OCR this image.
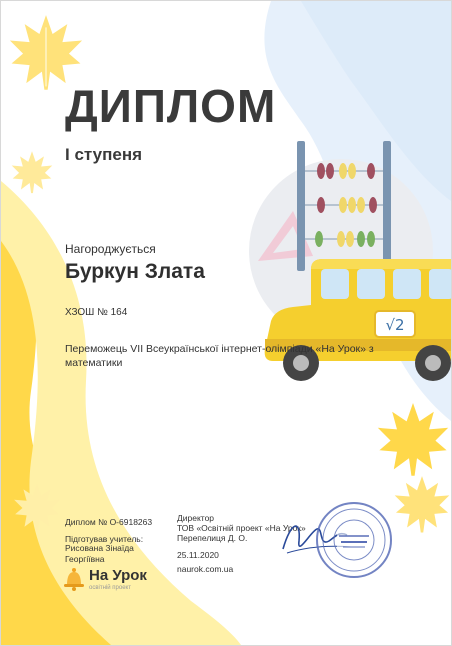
√2
ДИПЛОМ
І ступеня
Нагороджується
Буркун Злата
ХЗОШ № 164
Переможець VII Всеукраїнської інтернет-олімпіади «На Урок» з математики
Диплом № О-6918263
Підготував учитель:
Рисована Зінаїда Георгіївна
Директор
ТОВ «Освітній проект «На Урок»
Перепелиця Д. О.
25.11.2020
naurok.com.ua
На Урок
освітній проект
